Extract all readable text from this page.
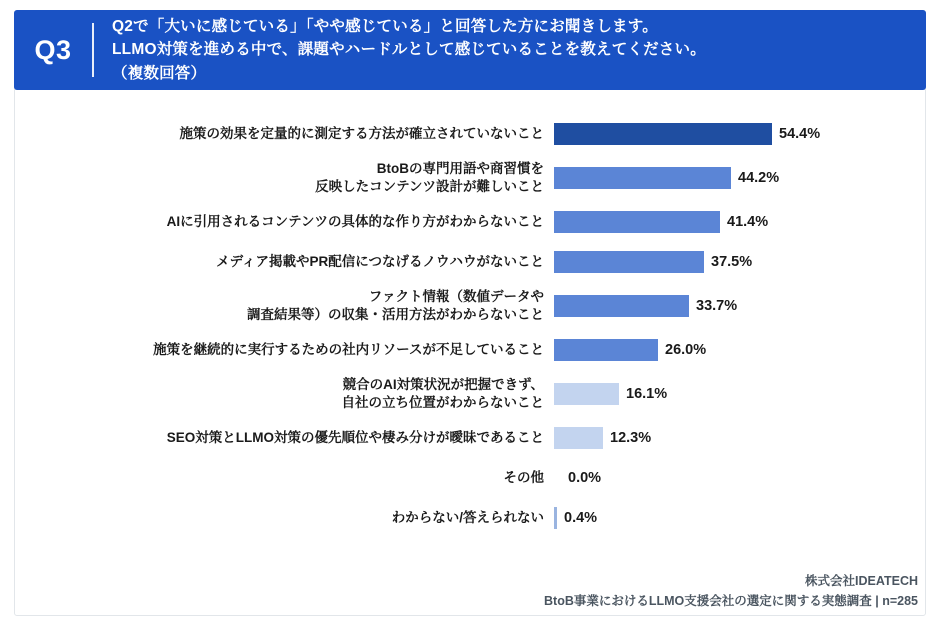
Q3
Q2で「大いに感じている」「やや感じている」と回答した方にお聞きします。
LLMO対策を進める中で、課題やハードルとして感じていることを教えてください。
（複数回答）
施策の効果を定量的に測定する方法が確立されていないこと	54.4%
BtoBの専門用語や商習慣を
反映したコンテンツ設計が難しいこと
44.2%
AIに引用されるコンテンツの具体的な作り方がわからないこと	41.4%
メディア掲載やPR配信につなげるノウハウがないこと	37.5%
ファクト情報（数値データや
調査結果等）の収集・活用方法がわからないこと
33.7%
施策を継続的に実行するための社内リソースが不足していること	26.0%
競合のAI対策状況が把握できず、
自社の立ち位置がわからないこと
16.1%
SEO対策とLLMO対策の優先順位や棲み分けが曖昧であること	12.3%
その他	0.0%
わからない/答えられない	0.4%
株式会社IDEATECH
BtoB事業におけるLLMO支援会社の選定に関する実態調査 | n=285
